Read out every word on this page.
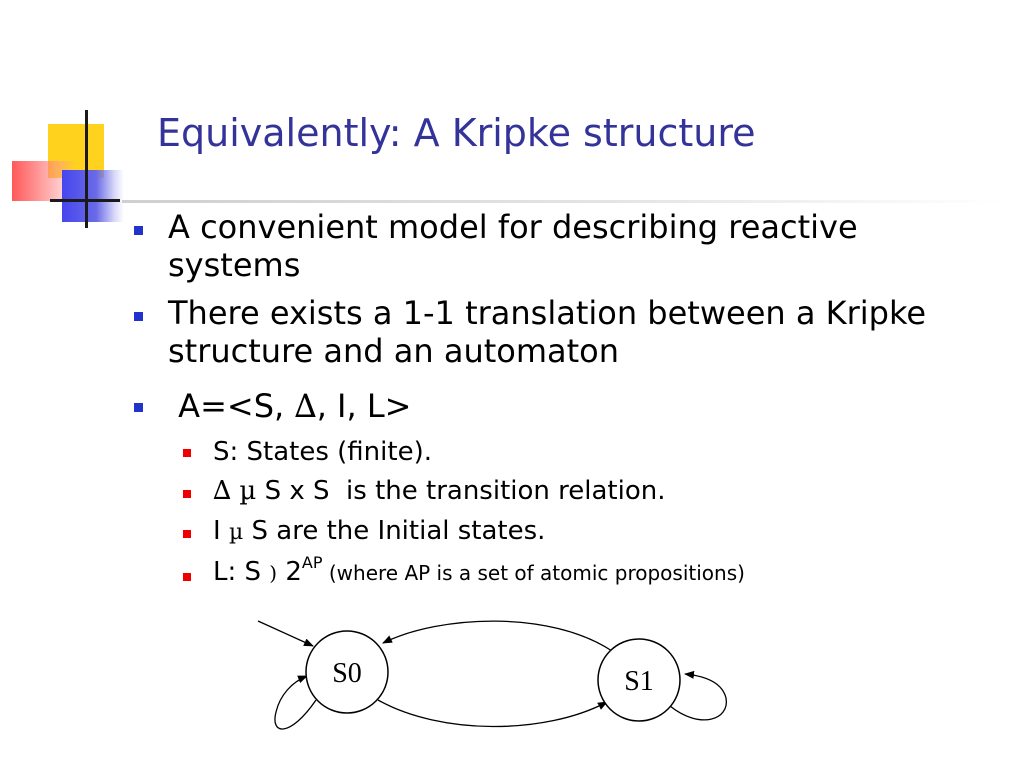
Equivalently: A Kripke structure
A convenient model for describing reactive systems
There exists a 1-1 translation between a Kripke structure and an automaton
A=<S, ∆, I, L>
S: States (finite).
∆ µ S x S  is the transition relation.
I µ S are the Initial states.
L: S ) $2^{AP}$ (where AP is a set of atomic propositions)
S0	S1
